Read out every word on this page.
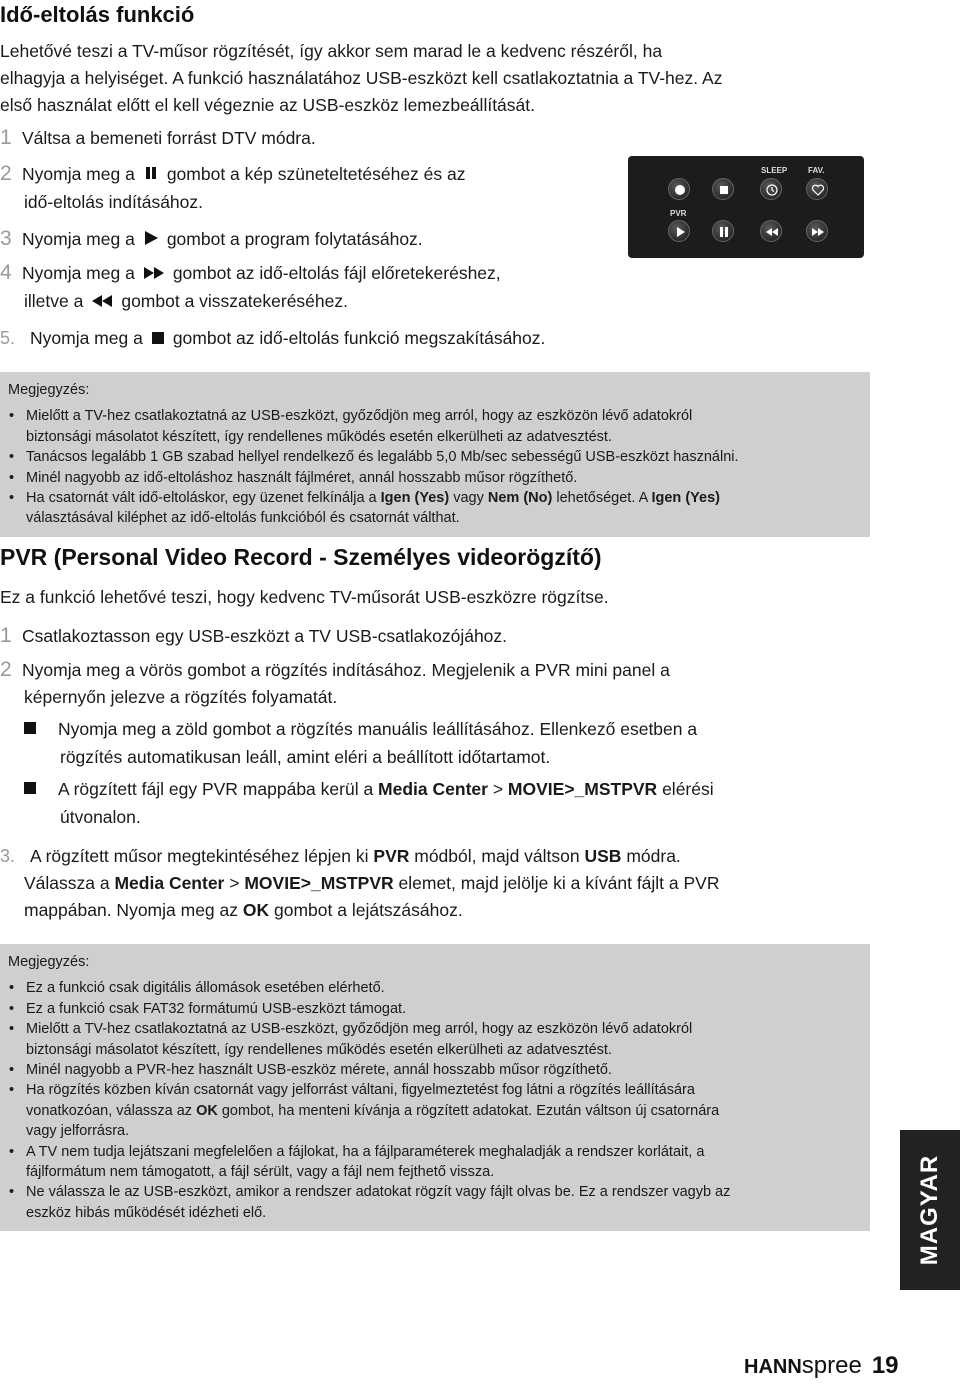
Idő-eltolás funkció
Lehetővé teszi a TV-műsor rögzítését, így akkor sem marad le a kedvenc részéről, ha
elhagyja a helyiséget. A funkció használatához USB-eszközt kell csatlakoztatnia a TV-hez. Az
első használat előtt el kell végeznie az USB-eszköz lemezbeállítását.
1 Váltsa a bemeneti forrást DTV módra.
2 Nyomja meg a gombot a kép szüneteltetéséhez és az
idő-eltolás indításához.
3 Nyomja meg a gombot a program folytatásához.
4 Nyomja meg a gombot az idő-eltolás fájl előretekeréshez,
illetve a gombot a visszatekeréséhez.
5. Nyomja meg a gombot az idő-eltolás funkció megszakításához.
SLEEP	FAV.
PVR
Megjegyzés:
• Mielőtt a TV-hez csatlakoztatná az USB-eszközt, győződjön meg arról, hogy az eszközön lévő adatokról
biztonsági másolatot készített, így rendellenes működés esetén elkerülheti az adatvesztést.
• Tanácsos legalább 1 GB szabad hellyel rendelkező és legalább 5,0 Mb/sec sebességű USB-eszközt használni.
• Minél nagyobb az idő-eltoláshoz használt fájlméret, annál hosszabb műsor rögzíthető.
• Ha csatornát vált idő-eltoláskor, egy üzenet felkínálja a Igen (Yes) vagy Nem (No) lehetőséget. A Igen (Yes)
választásával kiléphet az idő-eltolás funkcióból és csatornát válthat.
PVR (Personal Video Record - Személyes videorögzítő)
Ez a funkció lehetővé teszi, hogy kedvenc TV-műsorát USB-eszközre rögzítse.
1 Csatlakoztasson egy USB-eszközt a TV USB-csatlakozójához.
2 Nyomja meg a vörös gombot a rögzítés indításához. Megjelenik a PVR mini panel a
képernyőn jelezve a rögzítés folyamatát.
Nyomja meg a zöld gombot a rögzítés manuális leállításához. Ellenkező esetben a
rögzítés automatikusan leáll, amint eléri a beállított időtartamot.
A rögzített fájl egy PVR mappába kerül a Media Center > MOVIE>_MSTPVR elérési
útvonalon.
3. A rögzített műsor megtekintéséhez lépjen ki PVR módból, majd váltson USB módra.
Válassza a Media Center > MOVIE>_MSTPVR elemet, majd jelölje ki a kívánt fájlt a PVR
mappában. Nyomja meg az OK gombot a lejátszásához.
Megjegyzés:
• Ez a funkció csak digitális állomások esetében elérhető.
• Ez a funkció csak FAT32 formátumú USB-eszközt támogat.
• Mielőtt a TV-hez csatlakoztatná az USB-eszközt, győződjön meg arról, hogy az eszközön lévő adatokról
biztonsági másolatot készített, így rendellenes működés esetén elkerülheti az adatvesztést.
• Minél nagyobb a PVR-hez használt USB-eszköz mérete, annál hosszabb műsor rögzíthető.
• Ha rögzítés közben kíván csatornát vagy jelforrást váltani, figyelmeztetést fog látni a rögzítés leállítására
vonatkozóan, válassza az OK gombot, ha menteni kívánja a rögzített adatokat. Ezután váltson új csatornára
vagy jelforrásra.
• A TV nem tudja lejátszani megfelelően a fájlokat, ha a fájlparaméterek meghaladják a rendszer korlátait, a
fájlformátum nem támogatott, a fájl sérült, vagy a fájl nem fejthető vissza.
• Ne válassza le az USB-eszközt, amikor a rendszer adatokat rögzít vagy fájlt olvas be. Ez a rendszer vagyb az
eszköz hibás működését idézheti elő.	MAGYAR
HANNspree 19
